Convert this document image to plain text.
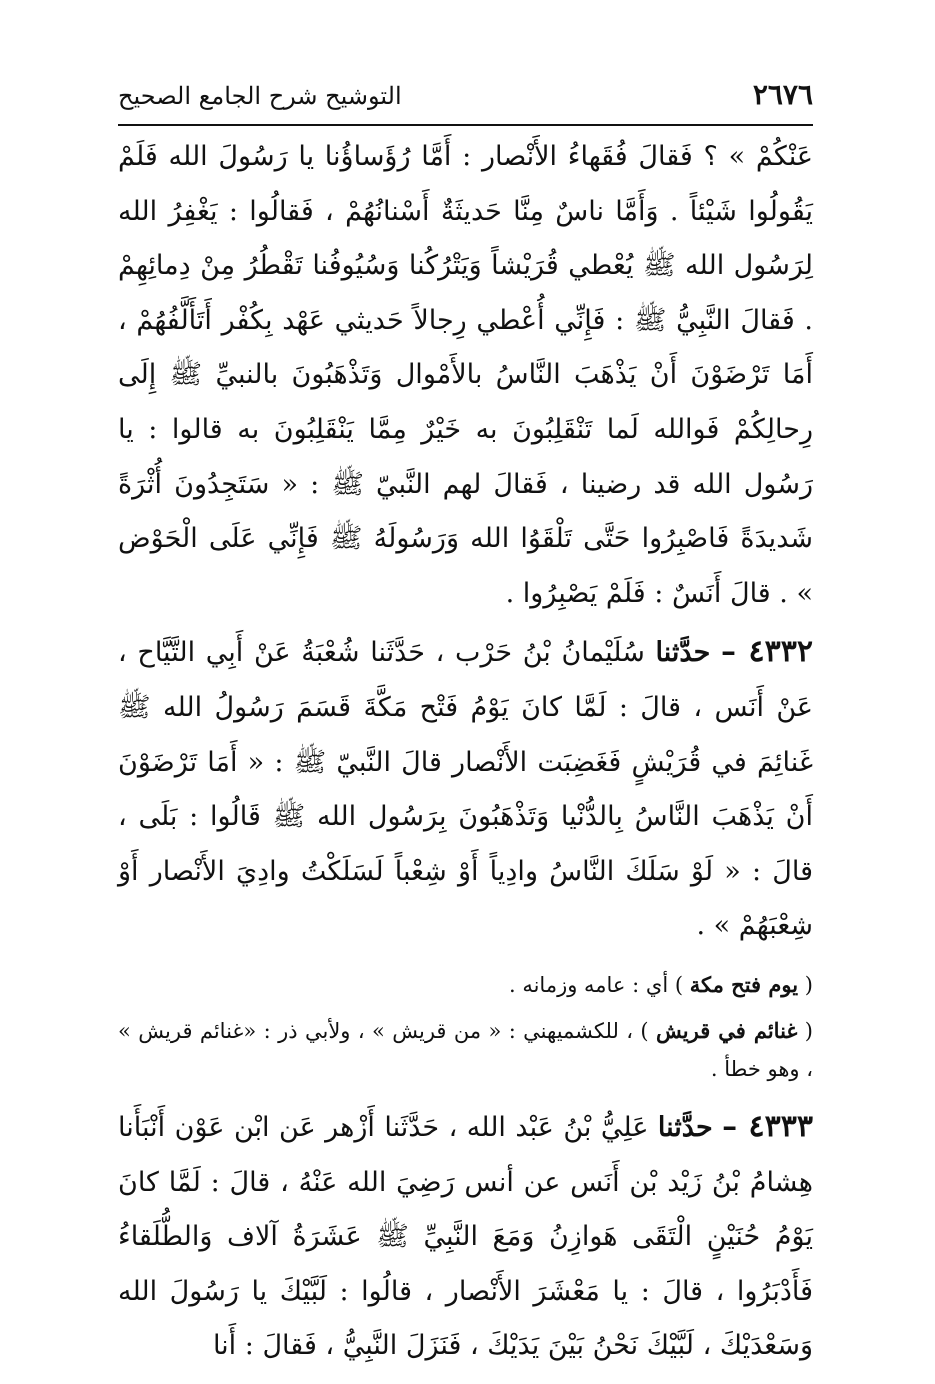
٢٦٧٦
التوشيح شرح الجامع الصحيح

عَنْكُمْ » ؟ فَقالَ فُقَهاءُ الأَنْصار : أَمَّا رُؤَساؤُنا يا رَسُولَ الله فَلَمْ يَقُولُوا شَيْئاً . وَأَمَّا ناسٌ مِنَّا حَديثَةٌ أَسْنانُهُمْ ، فَقالُوا : يَغْفِرُ الله لِرَسُول الله ﷺ يُعْطي قُرَيْشاً وَيَتْرُكُنا وَسُيُوفُنا تَقْطُرُ مِنْ دِمائِهِمْ . فَقالَ النَّبِيُّ ﷺ : فَإِنِّي أُعْطي رِجالاً حَديثي عَهْد بِكُفْر أَتَأَلَّفُهُمْ ، أَمَا تَرْضَوْنَ أَنْ يَذْهَبَ النَّاسُ بالأَمْوال وَتَذْهَبُونَ بالنبيِّ ﷺ إِلَى رِحالِكُمْ فَوالله لَما تَنْقَلِبُونَ به خَيْرٌ مِمَّا يَنْقَلِبُونَ به قالوا : يا رَسُول الله قد رضينا ، فَقالَ لهم النَّبيّ ﷺ : « سَتَجِدُونَ أُثْرَةً شَديدَةً فَاصْبِرُوا حَتَّى تَلْقَوُا الله وَرَسُولَهُ ﷺ فَإِنِّي عَلَى الْحَوْض » . قالَ أَنَسٌ : فَلَمْ يَصْبِرُوا .

٤٣٣٢ – حدَّثنا سُلَيْمانُ بْنُ حَرْب ، حَدَّثَنا شُعْبَةُ عَنْ أَبِي التَّيَّاح ، عَنْ أَنَس ، قالَ : لَمَّا كانَ يَوْمُ فَتْح مَكَّةَ قَسَمَ رَسُولُ الله ﷺ غَنائِمَ في قُرَيْشٍ فَغَضِبَت الأَنْصار قالَ النَّبيّ ﷺ : « أَمَا تَرْضَوْنَ أَنْ يَذْهَبَ النَّاسُ بِالدُّنْيا وَتَذْهَبُونَ بِرَسُول الله ﷺ قَالُوا : بَلَى ، قالَ : « لَوْ سَلَكَ النَّاسُ وادِياً أَوْ شِعْباً لَسَلَكْتُ وادِيَ الأَنْصار أَوْ شِعْبَهُمْ » .

( يوم فتح مكة ) أي : عامه وزمانه .

( غنائم في قريش ) ، للكشميهني : « من قريش » ، ولأبي ذر : «غنائم قريش » ، وهو خطأ .

٤٣٣٣ – حدَّثنا عَلِيُّ بْنُ عَبْد الله ، حَدَّثَنا أَزْهر عَن ابْن عَوْن أَنْبَأَنا هِشامُ بْنُ زَيْد بْن أَنَس عن أنس رَضِيَ الله عَنْهُ ، قالَ : لَمَّا كانَ يَوْمُ حُنَيْنٍ الْتَقَى هَوازِنُ وَمَعَ النَّبِيِّ ﷺ عَشَرَةُ آلاف وَالطُّلَقاءُ فَأَدْبَرُوا ، قالَ : يا مَعْشَرَ الأَنْصار ، قالُوا : لَبَّيْكَ يا رَسُولَ الله وَسَعْدَيْكَ ، لَبَّيْكَ نَحْنُ بَيْنَ يَدَيْكَ ، فَنَزَلَ النَّبِيُّ ، فَقالَ : أَنا
